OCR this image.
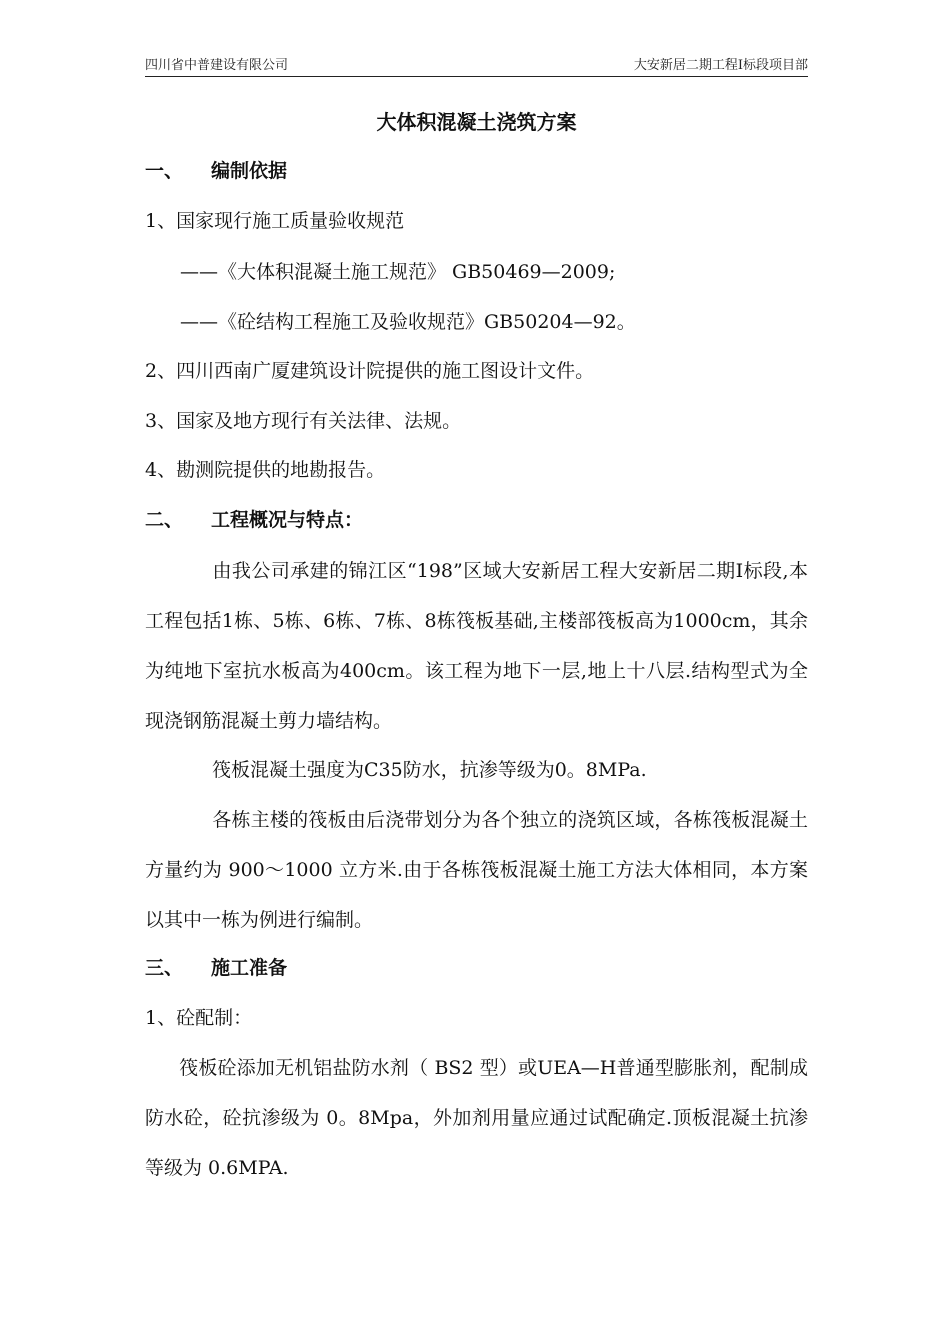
四川省中普建设有限公司	大安新居二期工程Ⅰ标段项目部
大体积混凝土浇筑方案
一、 编制依据
1、国家现行施工质量验收规范
——《大体积混凝土施工规范》 GB50469—2009;
——《砼结构工程施工及验收规范》GB50204—92。
2、四川西南广厦建筑设计院提供的施工图设计文件。
3、国家及地方现行有关法律、法规。
4、勘测院提供的地勘报告。
二、 工程概况与特点：
由我公司承建的锦江区“198”区域大安新居工程大安新居二期Ⅰ标段,本工程包括1栋、5栋、6栋、7栋、8栋筏板基础,主楼部筏板高为1000cm，其余为纯地下室抗水板高为400cm。该工程为地下一层,地上十八层.结构型式为全现浇钢筋混凝土剪力墙结构。
筏板混凝土强度为C35防水，抗渗等级为0。8MPa.
各栋主楼的筏板由后浇带划分为各个独立的浇筑区域，各栋筏板混凝土方量约为 900～1000 立方米.由于各栋筏板混凝土施工方法大体相同，本方案以其中一栋为例进行编制。
三、 施工准备
1、砼配制：
筏板砼添加无机铝盐防水剂（ BS2 型）或UEA—H普通型膨胀剂，配制成防水砼，砼抗渗级为 0。8Mpa，外加剂用量应通过试配确定.顶板混凝土抗渗等级为 0.6MPA.
